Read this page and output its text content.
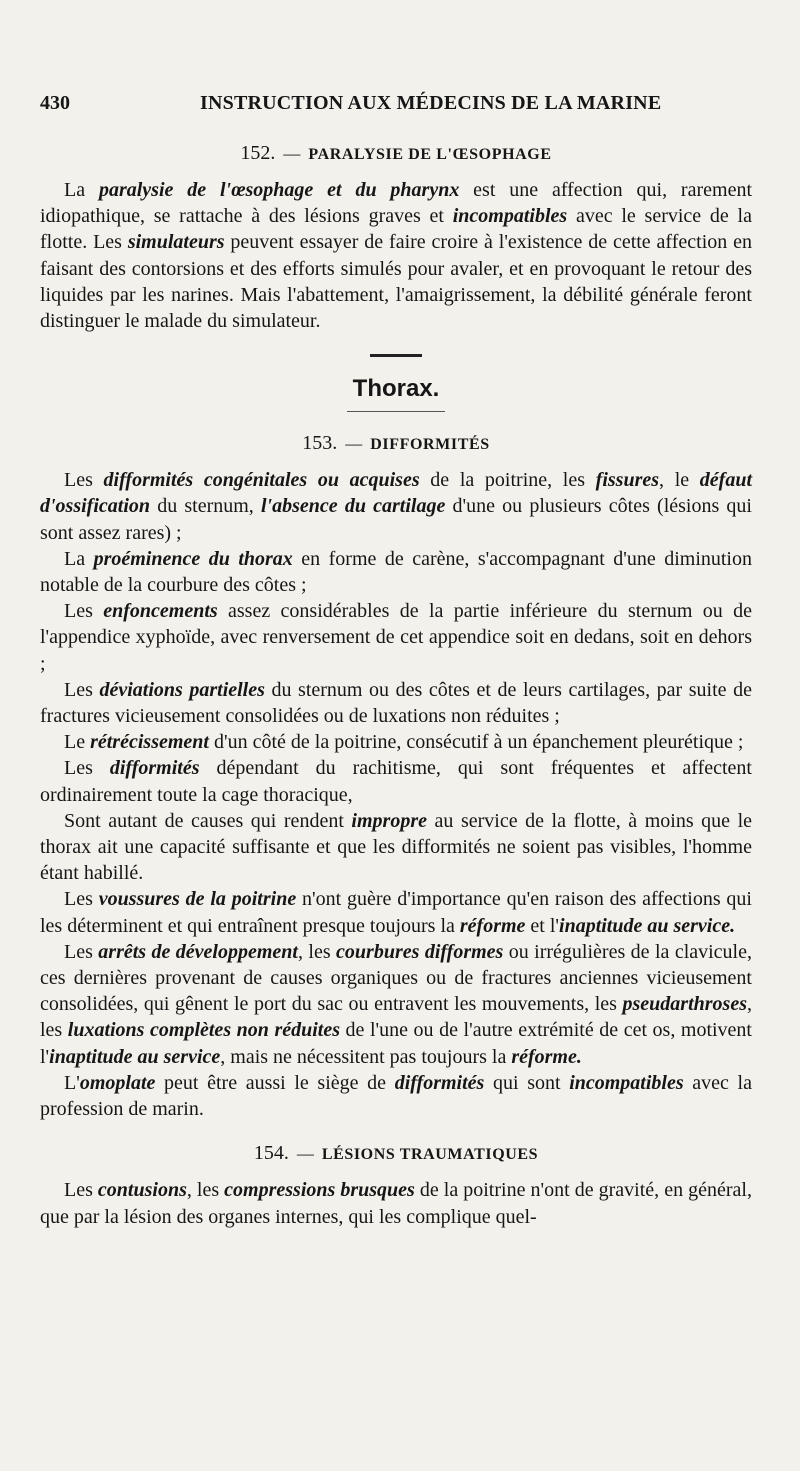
430	INSTRUCTION AUX MÉDECINS DE LA MARINE
152. — PARALYSIE DE L'ŒSOPHAGE

La paralysie de l'œsophage et du pharynx est une affection qui, rarement idiopathique, se rattache à des lésions graves et incompatibles avec le service de la flotte. Les simulateurs peuvent essayer de faire croire à l'existence de cette affection en faisant des contorsions et des efforts simulés pour avaler, et en provoquant le retour des liquides par les narines. Mais l'abattement, l'amaigrissement, la débilité générale feront distinguer le malade du simulateur.

Thorax.
153. — DIFFORMITÉS

Les difformités congénitales ou acquises de la poitrine, les fissures, le défaut d'ossification du sternum, l'absence du cartilage d'une ou plusieurs côtes (lésions qui sont assez rares) ;

La proéminence du thorax en forme de carène, s'accompagnant d'une diminution notable de la courbure des côtes ;

Les enfoncements assez considérables de la partie inférieure du sternum ou de l'appendice xyphoïde, avec renversement de cet appendice soit en dedans, soit en dehors ;

Les déviations partielles du sternum ou des côtes et de leurs cartilages, par suite de fractures vicieusement consolidées ou de luxations non réduites ;

Le rétrécissement d'un côté de la poitrine, consécutif à un épanchement pleurétique ;

Les difformités dépendant du rachitisme, qui sont fréquentes et affectent ordinairement toute la cage thoracique,

Sont autant de causes qui rendent impropre au service de la flotte, à moins que le thorax ait une capacité suffisante et que les difformités ne soient pas visibles, l'homme étant habillé.

Les voussures de la poitrine n'ont guère d'importance qu'en raison des affections qui les déterminent et qui entraînent presque toujours la réforme et l'inaptitude au service.

Les arrêts de développement, les courbures difformes ou irrégulières de la clavicule, ces dernières provenant de causes organiques ou de fractures anciennes vicieusement consolidées, qui gênent le port du sac ou entravent les mouvements, les pseudarthroses, les luxations complètes non réduites de l'une ou de l'autre extrémité de cet os, motivent l'inaptitude au service, mais ne nécessitent pas toujours la réforme.

L'omoplate peut être aussi le siège de difformités qui sont incompatibles avec la profession de marin.

154. — LÉSIONS TRAUMATIQUES

Les contusions, les compressions brusques de la poitrine n'ont de gravité, en général, que par la lésion des organes internes, qui les complique quel-
